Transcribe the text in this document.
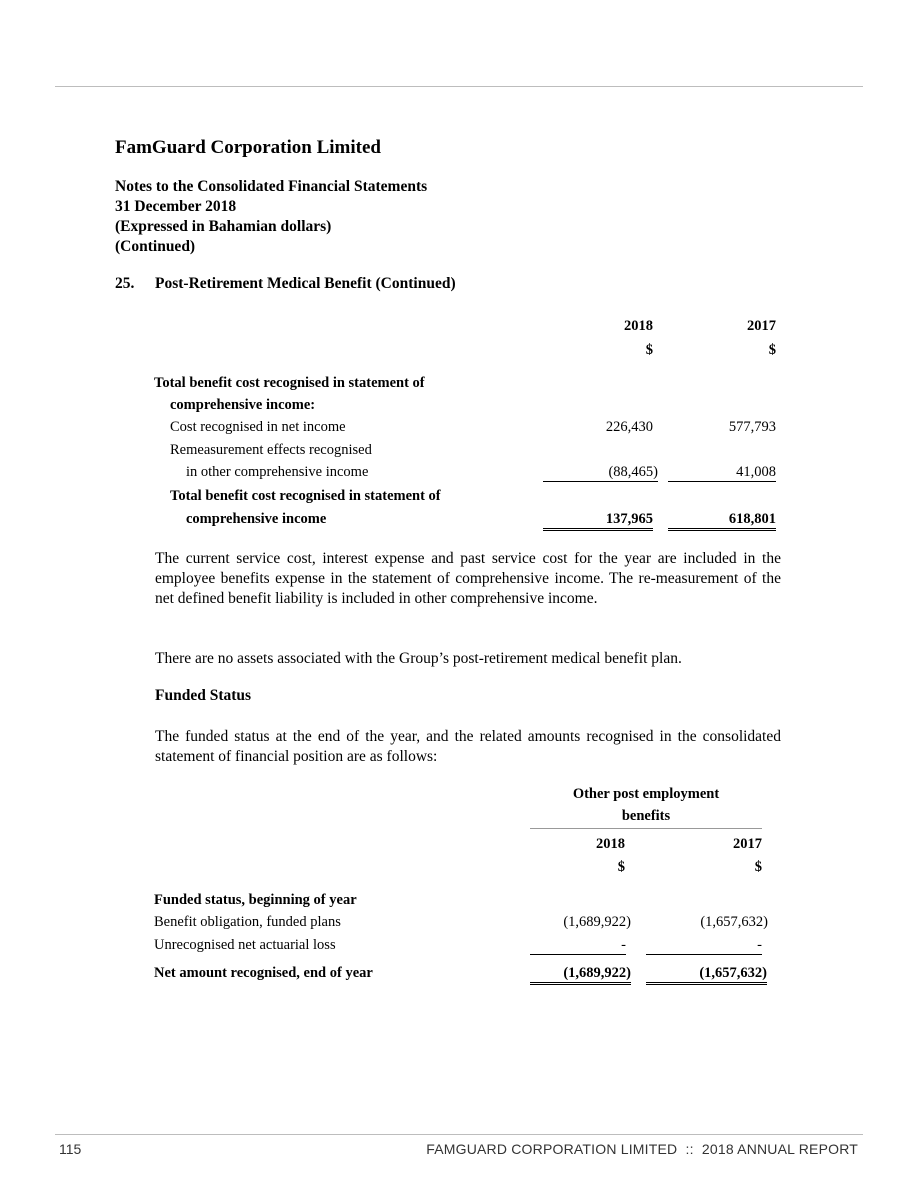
FamGuard Corporation Limited
Notes to the Consolidated Financial Statements
31 December 2018
(Expressed in Bahamian dollars)
(Continued)
25. Post-Retirement Medical Benefit (Continued)
2018	2017
$	$
Total benefit cost recognised in statement of
comprehensive income:
Cost recognised in net income	226,430	577,793
Remeasurement effects recognised
in other comprehensive income	(88,465)	41,008
Total benefit cost recognised in statement of
comprehensive income	137,965	618,801
The current service cost, interest expense and past service cost for the year are included in the employee benefits expense in the statement of comprehensive income. The re-measurement of the net defined benefit liability is included in other comprehensive income.
There are no assets associated with the Group’s post-retirement medical benefit plan.
Funded Status
The funded status at the end of the year, and the related amounts recognised in the consolidated statement of financial position are as follows:
Other post employment
benefits
2018	2017
$	$
Funded status, beginning of year
Benefit obligation, funded plans	(1,689,922)	(1,657,632)
Unrecognised net actuarial loss	-	-
Net amount recognised, end of year	(1,689,922)	(1,657,632)
115	FAMGUARD CORPORATION LIMITED  ::  2018 ANNUAL REPORT
